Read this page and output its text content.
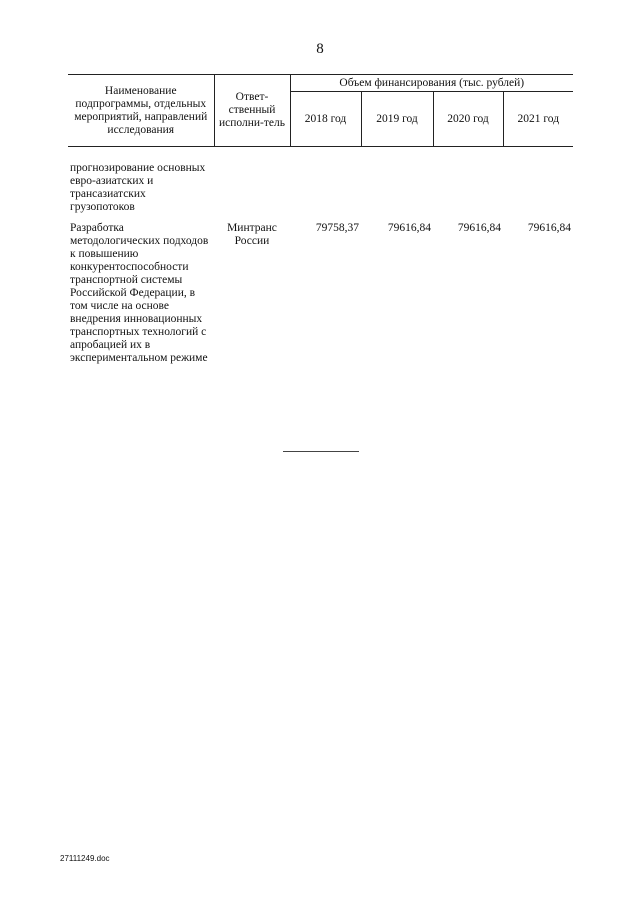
8
Наименование подпрограммы, отдельных мероприятий, направлений исследования	Ответ-ственный исполни-тель	Объем финансирования (тыс. рублей)			
		2018 год	2019 год	2020 год	2021 год
прогнозирование основных евро-азиатских и трансазиатских грузопотоков					
Разработка методологических подходов к повышению конкурентоспособности транспортной системы Российской Федерации, в том числе на основе внедрения инновационных транспортных технологий с апробацией их в экспериментальном режиме	Минтранс России	79758,37	79616,84	79616,84	79616,84
27111249.doc
